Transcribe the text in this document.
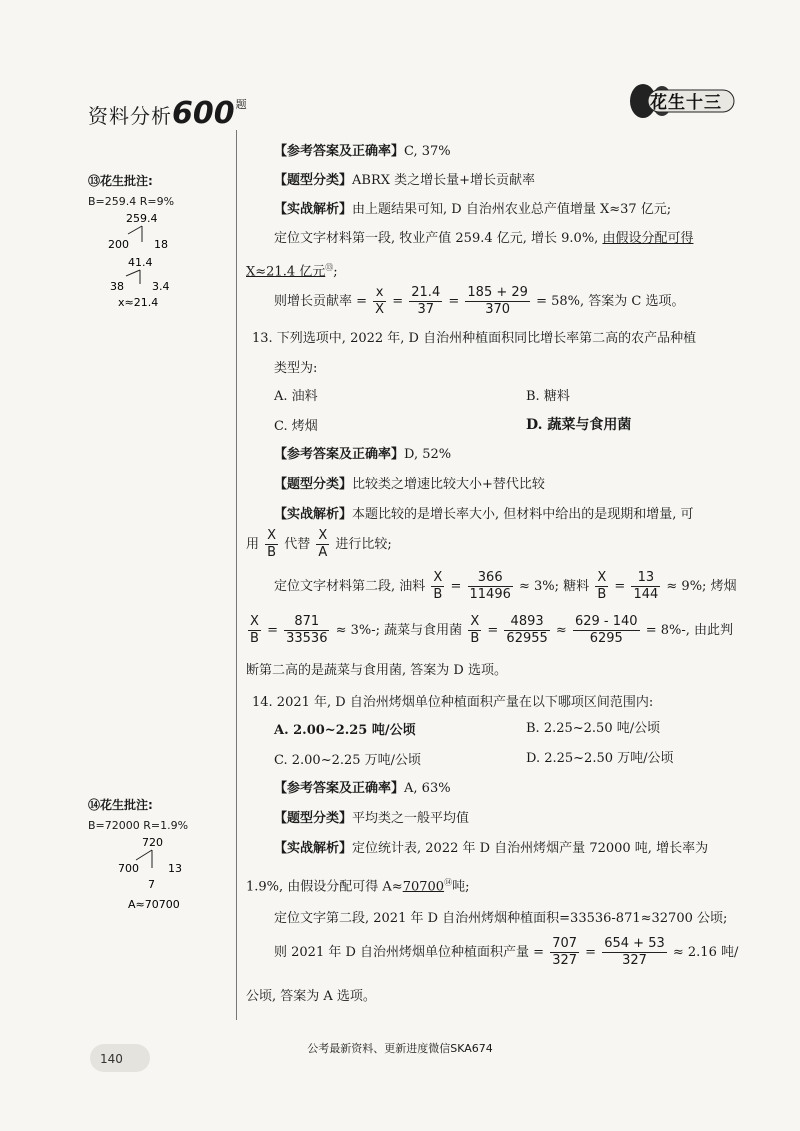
资料分析$600^题$	花生十三
⑬花生批注:
B=259.4 R=9%
259.4
200 18
41.4
38	3.4
x≈21.4
⑭花生批注:
B=72000 R=1.9%
720
700	13
7
A≈70700
【参考答案及正确率】C, 37%
【题型分类】ABRX 类之增长量+增长贡献率
【实战解析】由上题结果可知, D 自治州农业总产值增量 X≈37 亿元;
定位文字材料第一段, 牧业产值 259.4 亿元, 增长 9.0%, 由假设分配可得
X≈21.4 亿元⑬;
则增长贡献率 = $\frac{x}{X} = \frac{21.4}{37} = \frac{185 + 29}{370} = 58\%$, 答案为 C 选项。
13. 下列选项中, 2022 年, D 自治州种植面积同比增长率第二高的农产品种植
类型为:
A. 油料	B. 糖料
C. 烤烟	D. 蔬菜与食用菌
【参考答案及正确率】D, 52%
【题型分类】比较类之增速比较大小+替代比较
【实战解析】本题比较的是增长率大小, 但材料中给出的是现期和增量, 可
用 $\frac{X}{B}$ 代替 $\frac{X}{A}$ 进行比较;
定位文字材料第二段, 油料 $\frac{X}{B} = \frac{366}{11496} \approx 3\%$; 糖料 $\frac{X}{B} = \frac{13}{144} \approx 9\%$; 烤烟
$\frac{X}{B} = \frac{871}{33536} \approx 3\%-$; 蔬菜与食用菌 $\frac{X}{B} = \frac{4893}{62955} \approx \frac{629 - 140}{6295} = 8\%-$, 由此判
断第二高的是蔬菜与食用菌, 答案为 D 选项。
14. 2021 年, D 自治州烤烟单位种植面积产量在以下哪项区间范围内:
A. 2.00~2.25 吨/公顷	B. 2.25~2.50 吨/公顷
C. 2.00~2.25 万吨/公顷	D. 2.25~2.50 万吨/公顷
【参考答案及正确率】A, 63%
【题型分类】平均类之一般平均值
【实战解析】定位统计表, 2022 年 D 自治州烤烟产量 72000 吨, 增长率为
1.9%, 由假设分配可得 A≈70700⑭吨;
定位文字第二段, 2021 年 D 自治州烤烟种植面积=33536-871≈32700 公顷;
则 2021 年 D 自治州烤烟单位种植面积产量 = $\frac{707}{327} = \frac{654 + 53}{327} \approx 2.16$ 吨/
公顷, 答案为 A 选项。
公考最新资料、更新进度微信SKA674
140
